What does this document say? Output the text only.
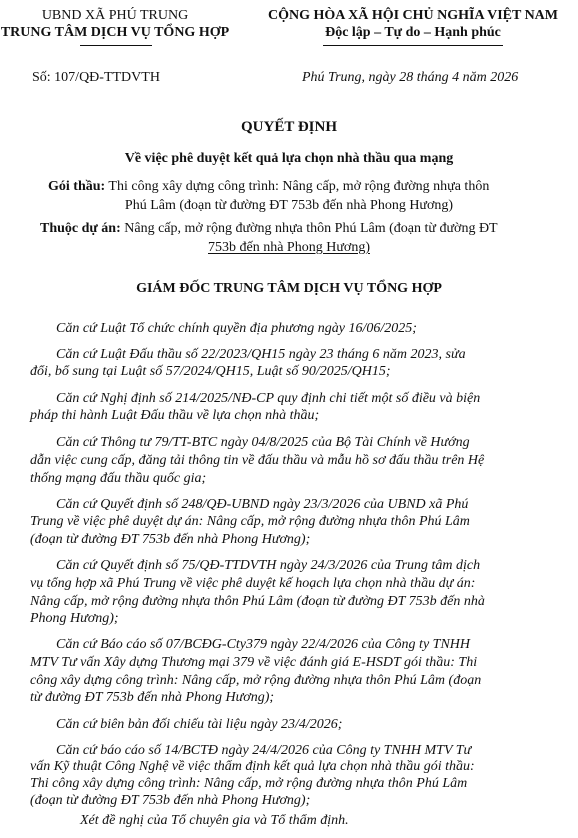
UBND XÃ PHÚ TRUNG
TRUNG TÂM DỊCH VỤ TỔNG HỢP
CỘNG HÒA XÃ HỘI CHỦ NGHĨA VIỆT NAM
Độc lập – Tự do – Hạnh phúc
Số: 107/QĐ-TTDVTH	Phú Trung, ngày 28 tháng 4 năm 2026
QUYẾT ĐỊNH
Về việc phê duyệt kết quả lựa chọn nhà thầu qua mạng
Gói thầu: Thi công xây dựng công trình: Nâng cấp, mở rộng đường nhựa thôn
Phú Lâm (đoạn từ đường ĐT 753b đến nhà Phong Hương)
Thuộc dự án: Nâng cấp, mở rộng đường nhựa thôn Phú Lâm (đoạn từ đường ĐT
753b đến nhà Phong Hương)
GIÁM ĐỐC TRUNG TÂM DỊCH VỤ TỔNG HỢP
Căn cứ Luật Tổ chức chính quyền địa phương ngày 16/06/2025;
Căn cứ Luật Đấu thầu số 22/2023/QH15 ngày 23 tháng 6 năm 2023, sửa
đổi, bổ sung tại Luật số 57/2024/QH15, Luật số 90/2025/QH15;
Căn cứ Nghị định số 214/2025/NĐ-CP quy định chi tiết một số điều và biện
pháp thi hành Luật Đấu thầu về lựa chọn nhà thầu;
Căn cứ Thông tư 79/TT-BTC ngày 04/8/2025 của Bộ Tài Chính về Hướng
dẫn việc cung cấp, đăng tải thông tin về đấu thầu và mẫu hồ sơ đấu thầu trên Hệ
thống mạng đấu thầu quốc gia;
Căn cứ Quyết định số 248/QĐ-UBND ngày 23/3/2026 của UBND xã Phú
Trung về việc phê duyệt dự án: Nâng cấp, mở rộng đường nhựa thôn Phú Lâm
(đoạn từ đường ĐT 753b đến nhà Phong Hương);
Căn cứ Quyết định số 75/QĐ-TTDVTH ngày 24/3/2026 của Trung tâm dịch
vụ tổng hợp xã Phú Trung về việc phê duyệt kế hoạch lựa chọn nhà thầu dự án:
Nâng cấp, mở rộng đường nhựa thôn Phú Lâm (đoạn từ đường ĐT 753b đến nhà
Phong Hương);
Căn cứ Báo cáo số 07/BCĐG-Cty379 ngày 22/4/2026 của Công ty TNHH
MTV Tư vấn Xây dựng Thương mại 379 về việc đánh giá E-HSDT gói thầu: Thi
công xây dựng công trình: Nâng cấp, mở rộng đường nhựa thôn Phú Lâm (đoạn
từ đường ĐT 753b đến nhà Phong Hương);
Căn cứ biên bản đối chiếu tài liệu ngày 23/4/2026;
Căn cứ báo cáo số 14/BCTĐ ngày 24/4/2026 của Công ty TNHH MTV Tư
vấn Kỹ thuật Công Nghệ về việc thẩm định kết quả lựa chọn nhà thầu gói thầu:
Thi công xây dựng công trình: Nâng cấp, mở rộng đường nhựa thôn Phú Lâm
(đoạn từ đường ĐT 753b đến nhà Phong Hương);
Xét đề nghị của Tổ chuyên gia và Tổ thẩm định.
